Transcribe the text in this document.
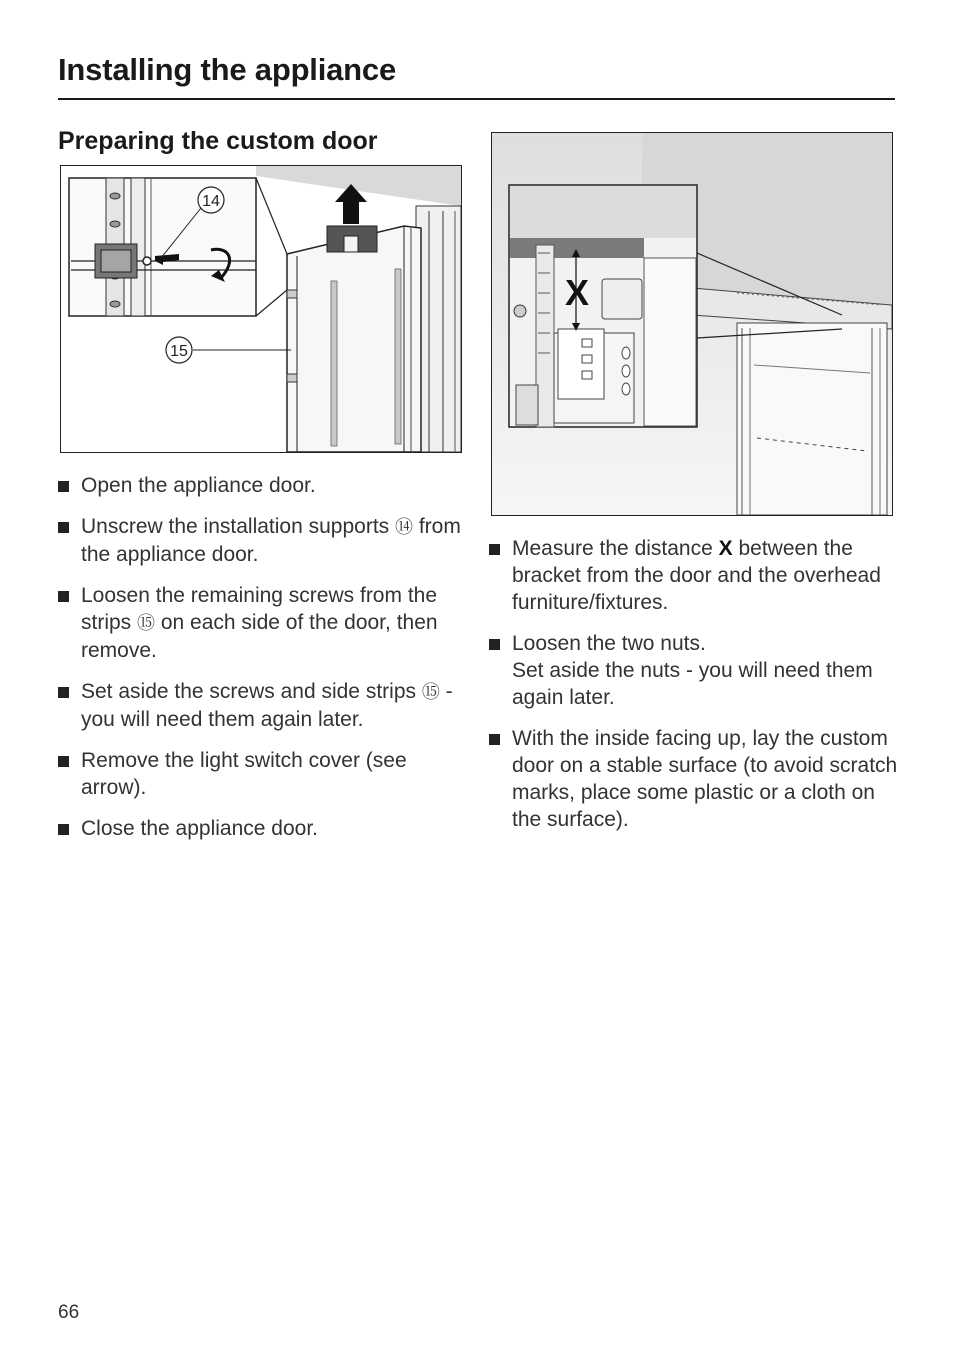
Installing the appliance
Preparing the custom door
14
15
X
Open the appliance door.
Unscrew the installation supports ⑭ from the appliance door.
Loosen the remaining screws from the strips ⑮ on each side of the door, then remove.
Set aside the screws and side strips ⑮ - you will need them again later.
Remove the light switch cover (see arrow).
Close the appliance door.
Measure the distance X between the bracket from the door and the overhead furniture/fixtures.
Loosen the two nuts.
Set aside the nuts - you will need them again later.
With the inside facing up, lay the custom door on a stable surface (to avoid scratch marks, place some plastic or a cloth on the surface).
66
